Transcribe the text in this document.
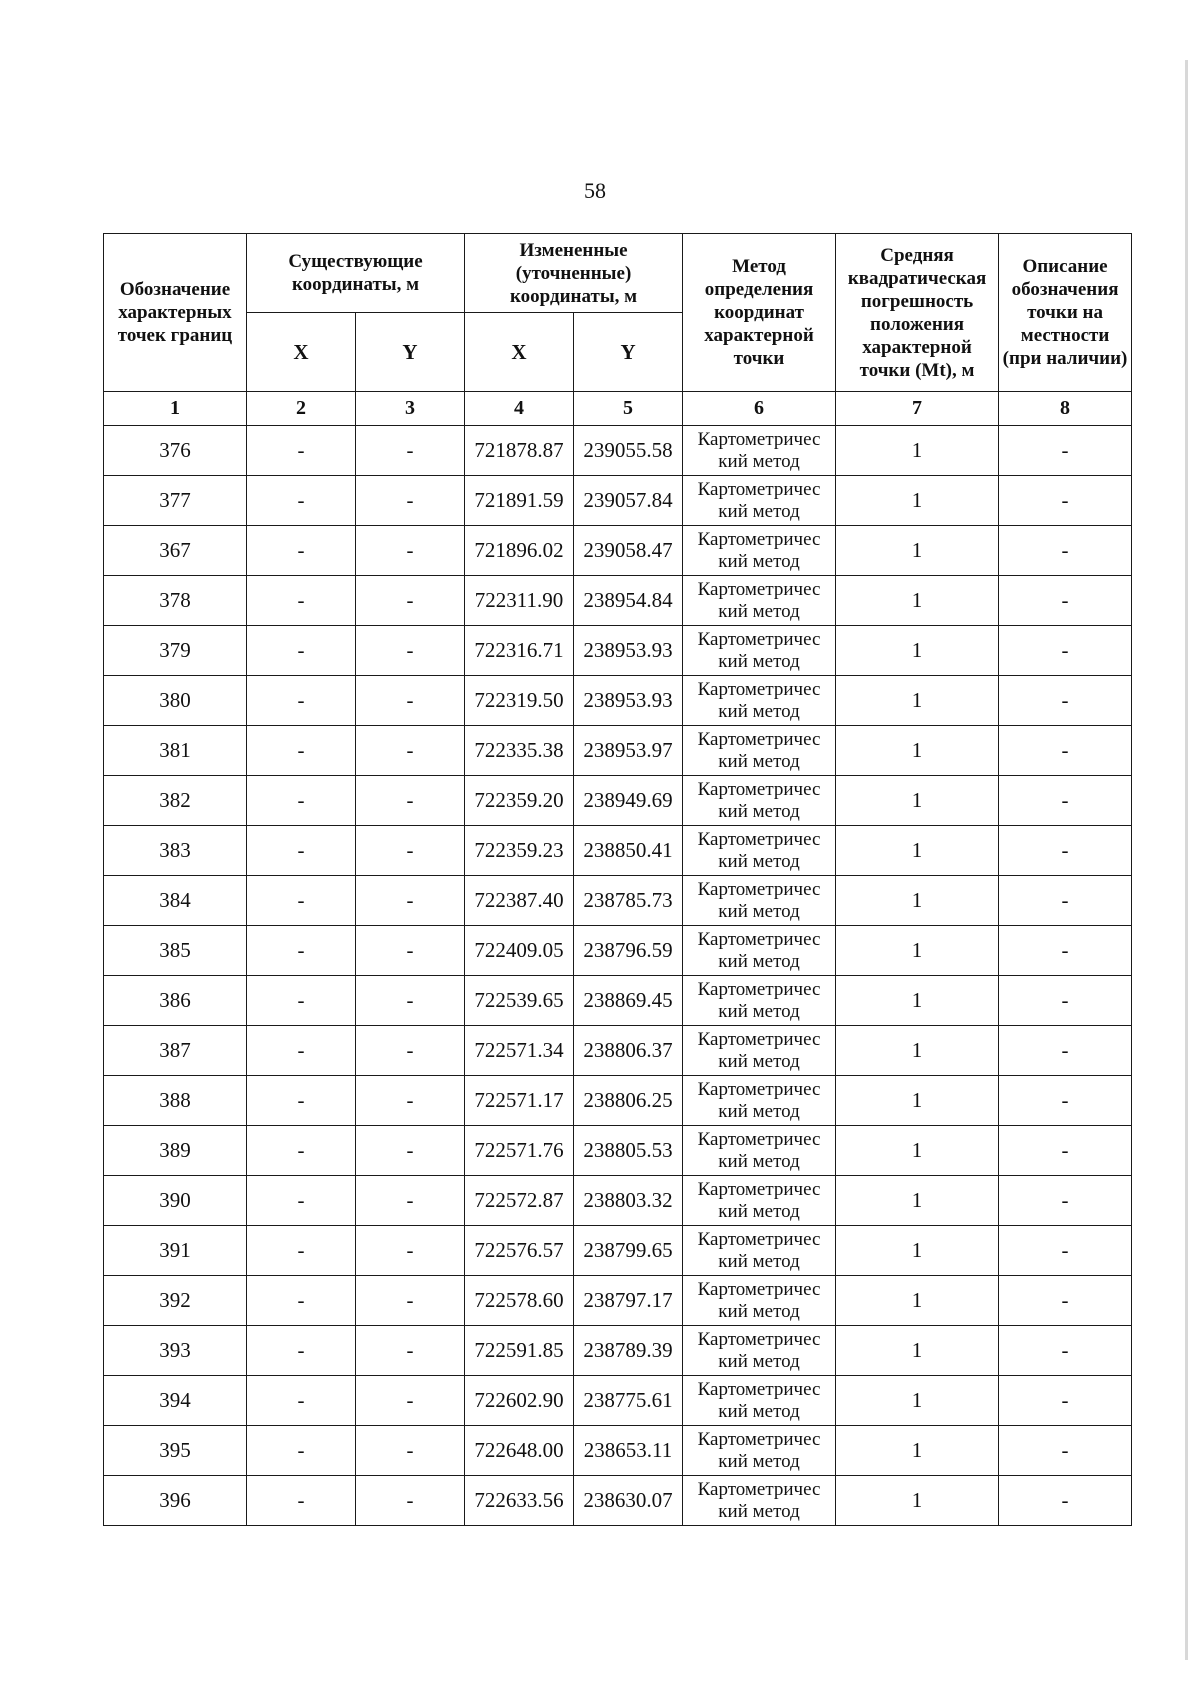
58
Обозначение характерных точек границ	Существующие координаты, м		Измененные (уточненные) координаты, м		Метод определения координат характерной точки	Средняя квадратическая погрешность положения характерной точки (Mt), м	Описание обозначения точки на местности (при наличии)
	X	Y	X	Y			
1	2	3	4	5	6	7	8
376	-	-	721878.87	239055.58	Картометричес кий метод	1	-
377	-	-	721891.59	239057.84	Картометричес кий метод	1	-
367	-	-	721896.02	239058.47	Картометричес кий метод	1	-
378	-	-	722311.90	238954.84	Картометричес кий метод	1	-
379	-	-	722316.71	238953.93	Картометричес кий метод	1	-
380	-	-	722319.50	238953.93	Картометричес кий метод	1	-
381	-	-	722335.38	238953.97	Картометричес кий метод	1	-
382	-	-	722359.20	238949.69	Картометричес кий метод	1	-
383	-	-	722359.23	238850.41	Картометричес кий метод	1	-
384	-	-	722387.40	238785.73	Картометричес кий метод	1	-
385	-	-	722409.05	238796.59	Картометричес кий метод	1	-
386	-	-	722539.65	238869.45	Картометричес кий метод	1	-
387	-	-	722571.34	238806.37	Картометричес кий метод	1	-
388	-	-	722571.17	238806.25	Картометричес кий метод	1	-
389	-	-	722571.76	238805.53	Картометричес кий метод	1	-
390	-	-	722572.87	238803.32	Картометричес кий метод	1	-
391	-	-	722576.57	238799.65	Картометричес кий метод	1	-
392	-	-	722578.60	238797.17	Картометричес кий метод	1	-
393	-	-	722591.85	238789.39	Картометричес кий метод	1	-
394	-	-	722602.90	238775.61	Картометричес кий метод	1	-
395	-	-	722648.00	238653.11	Картометричес кий метод	1	-
396	-	-	722633.56	238630.07	Картометричес кий метод	1	-
